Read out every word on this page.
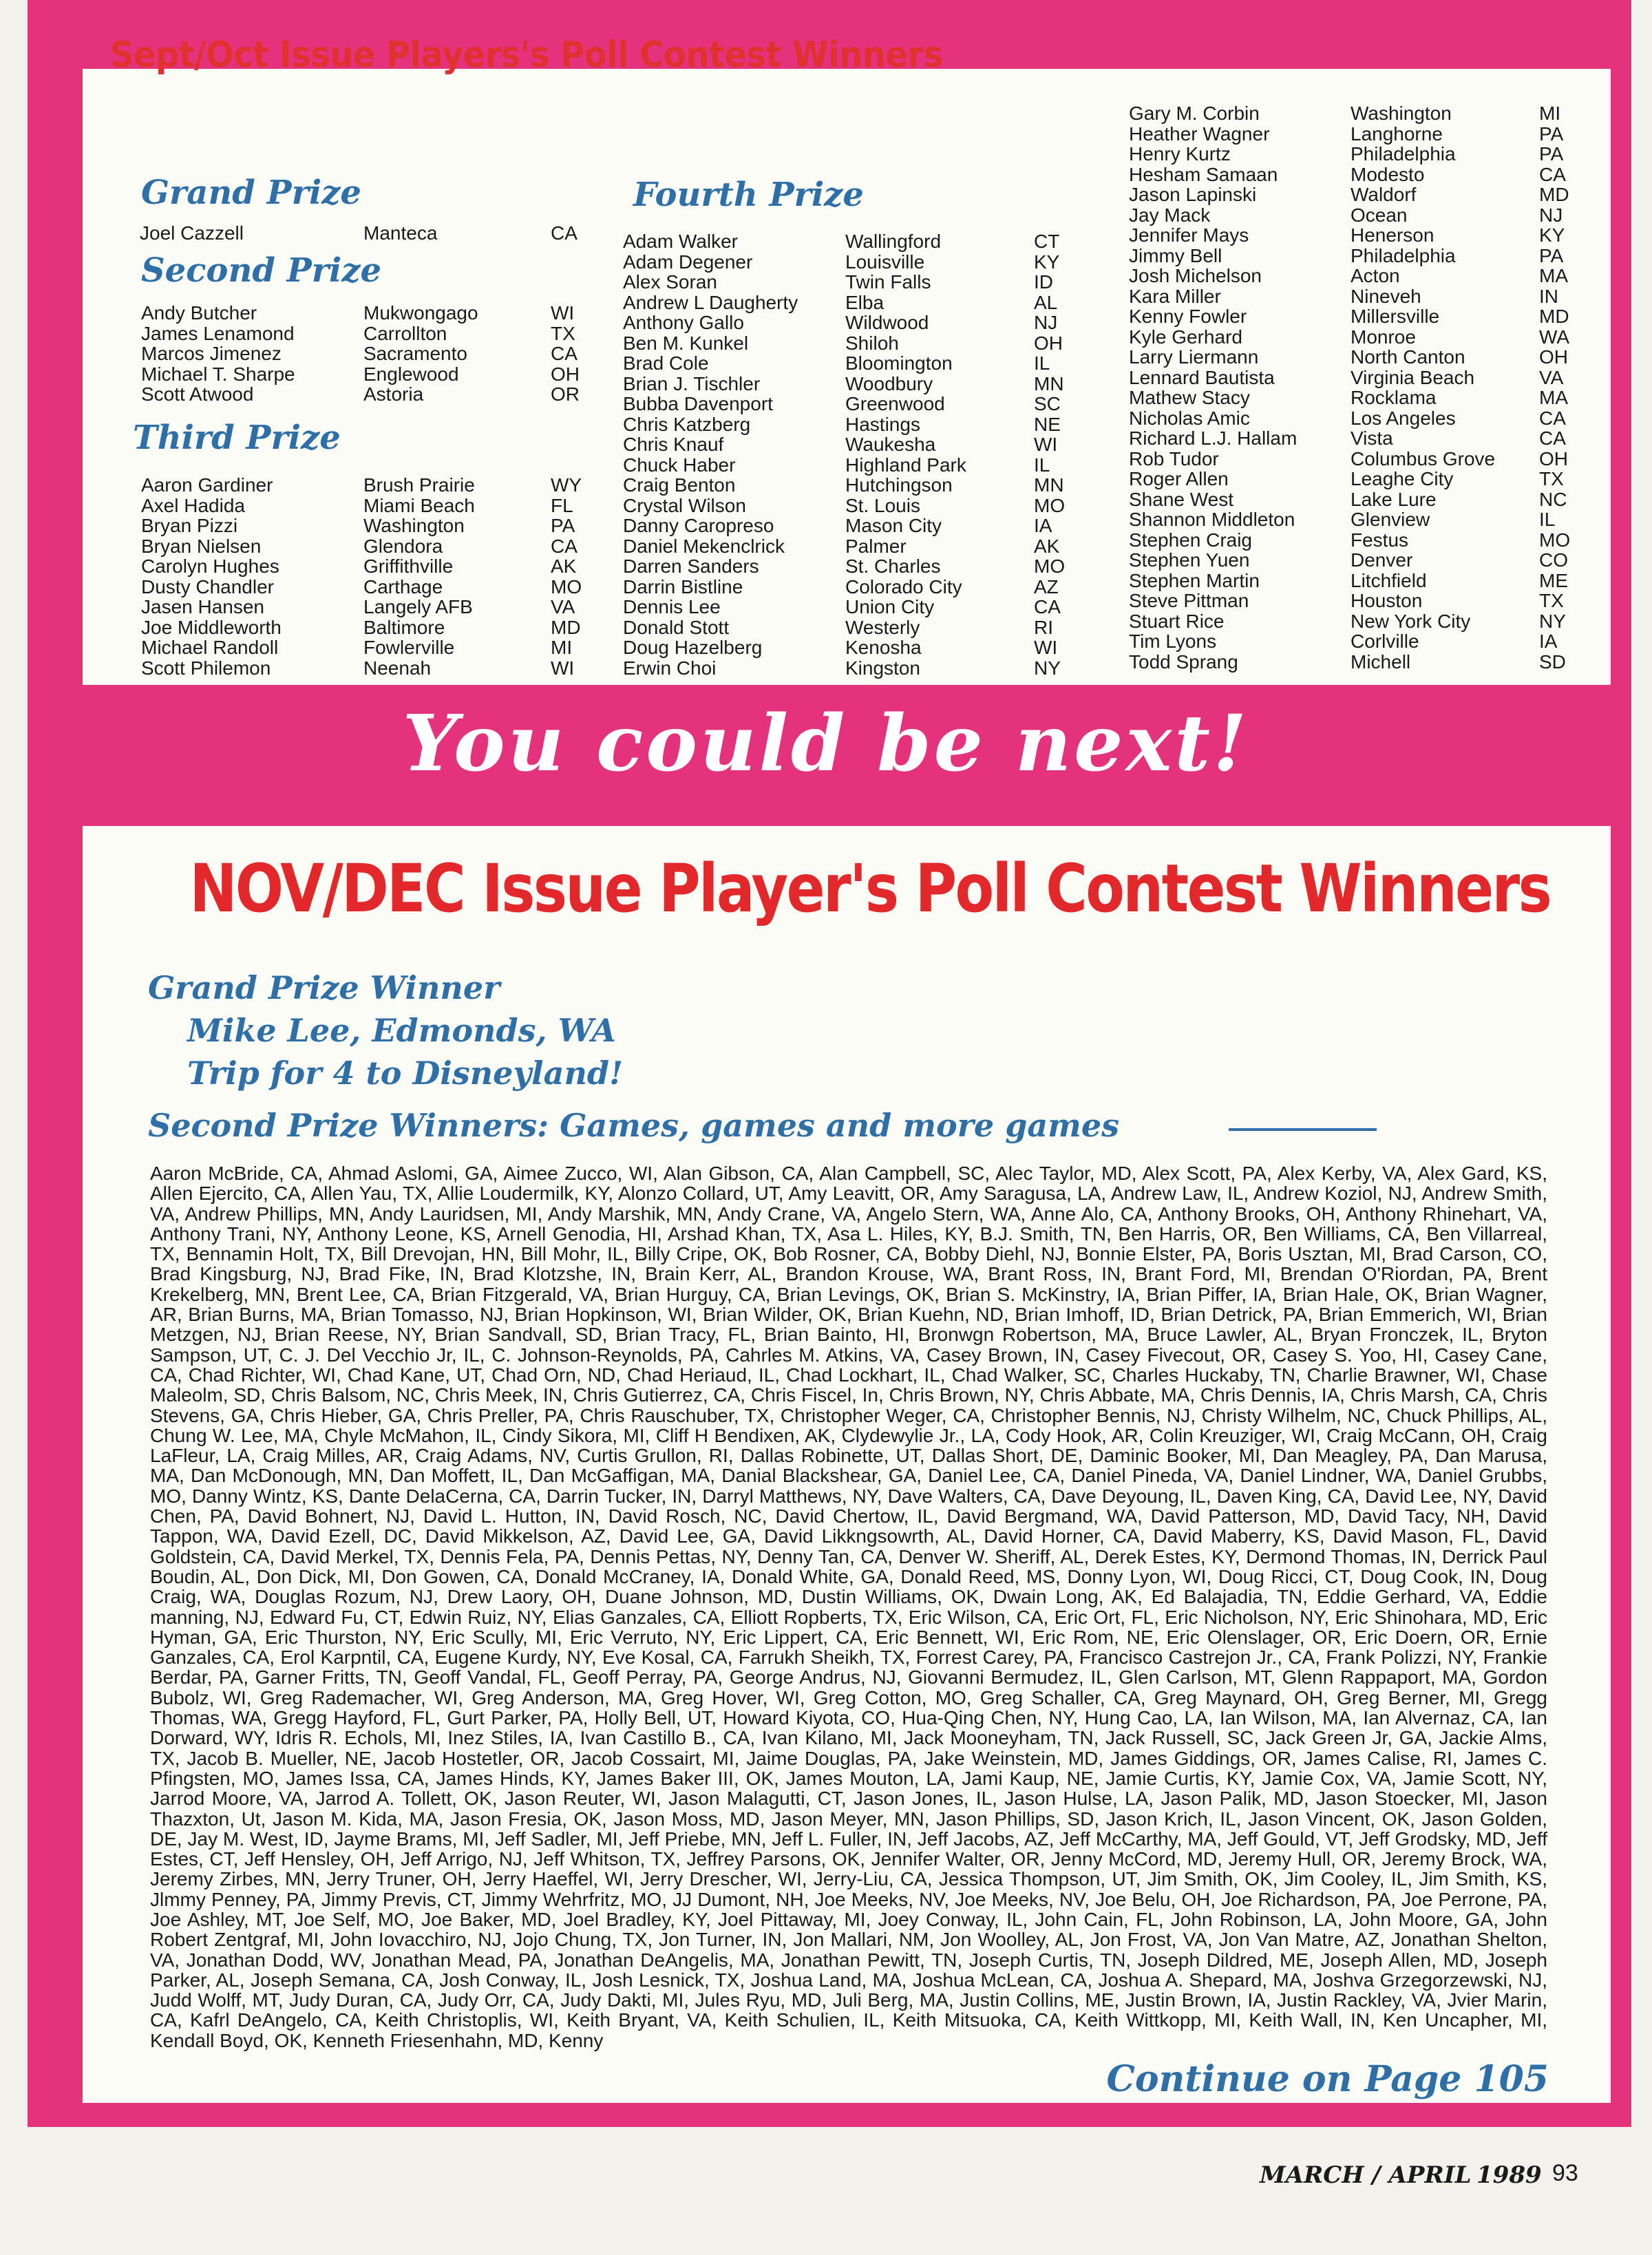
Sept/Oct Issue Players's Poll Contest Winners
Grand Prize
Joel Cazzell	Manteca	CA
Second Prize
Andy Butcher
James Lenamond
Marcos Jimenez
Michael T. Sharpe
Scott Atwood
Mukwongago
Carrollton
Sacramento
Englewood
Astoria
WI
TX
CA
OH
OR
Third Prize
Aaron Gardiner
Axel Hadida
Bryan Pizzi
Bryan Nielsen
Carolyn Hughes
Dusty Chandler
Jasen Hansen
Joe Middleworth
Michael Randoll
Scott Philemon
Brush Prairie
Miami Beach
Washington
Glendora
Griffithville
Carthage
Langely AFB
Baltimore
Fowlerville
Neenah
WY
FL
PA
CA
AK
MO
VA
MD
MI
WI
Fourth Prize
Adam Walker
Adam Degener
Alex Soran
Andrew L Daugherty
Anthony Gallo
Ben M. Kunkel
Brad Cole
Brian J. Tischler
Bubba Davenport
Chris Katzberg
Chris Knauf
Chuck Haber
Craig Benton
Crystal Wilson
Danny Caropreso
Daniel Mekenclrick
Darren Sanders
Darrin Bistline
Dennis Lee
Donald Stott
Doug Hazelberg
Erwin Choi
Wallingford
Louisville
Twin Falls
Elba
Wildwood
Shiloh
Bloomington
Woodbury
Greenwood
Hastings
Waukesha
Highland Park
Hutchingson
St. Louis
Mason City
Palmer
St. Charles
Colorado City
Union City
Westerly
Kenosha
Kingston
CT
KY
ID
AL
NJ
OH
IL
MN
SC
NE
WI
IL
MN
MO
IA
AK
MO
AZ
CA
RI
WI
NY
Gary M. Corbin
Heather Wagner
Henry Kurtz
Hesham Samaan
Jason Lapinski
Jay Mack
Jennifer Mays
Jimmy Bell
Josh Michelson
Kara Miller
Kenny Fowler
Kyle Gerhard
Larry Liermann
Lennard Bautista
Mathew Stacy
Nicholas Amic
Richard L.J. Hallam
Rob Tudor
Roger Allen
Shane West
Shannon Middleton
Stephen Craig
Stephen Yuen
Stephen Martin
Steve Pittman
Stuart Rice
Tim Lyons
Todd Sprang
Washington
Langhorne
Philadelphia
Modesto
Waldorf
Ocean
Henerson
Philadelphia
Acton
Nineveh
Millersville
Monroe
North Canton
Virginia Beach
Rocklama
Los Angeles
Vista
Columbus Grove
Leaghe City
Lake Lure
Glenview
Festus
Denver
Litchfield
Houston
New York City
Corlville
Michell
MI
PA
PA
CA
MD
NJ
KY
PA
MA
IN
MD
WA
OH
VA
MA
CA
CA
OH
TX
NC
IL
MO
CO
ME
TX
NY
IA
SD
You could be next!
NOV/DEC Issue Player's Poll Contest Winners
Grand Prize Winner
Mike Lee, Edmonds, WA
Trip for 4 to Disneyland!
Second Prize Winners: Games, games and more games
Aaron McBride, CA, Ahmad Aslomi, GA, Aimee Zucco, WI, Alan Gibson, CA, Alan Campbell, SC, Alec Taylor, MD, Alex Scott, PA, Alex Kerby, VA, Alex Gard, KS, Allen Ejercito, CA, Allen Yau, TX, Allie Loudermilk, KY, Alonzo Collard, UT, Amy Leavitt, OR, Amy Saragusa, LA, Andrew Law, IL, Andrew Koziol, NJ, Andrew Smith, VA, Andrew Phillips, MN, Andy Lauridsen, MI, Andy Marshik, MN, Andy Crane, VA, Angelo Stern, WA, Anne Alo, CA, Anthony Brooks, OH, Anthony Rhinehart, VA, Anthony Trani, NY, Anthony Leone, KS, Arnell Genodia, HI, Arshad Khan, TX, Asa L. Hiles, KY, B.J. Smith, TN, Ben Harris, OR, Ben Williams, CA, Ben Villarreal, TX, Bennamin Holt, TX, Bill Drevojan, HN, Bill Mohr, IL, Billy Cripe, OK, Bob Rosner, CA, Bobby Diehl, NJ, Bonnie Elster, PA, Boris Usztan, MI, Brad Carson, CO, Brad Kingsburg, NJ, Brad Fike, IN, Brad Klotzshe, IN, Brain Kerr, AL, Brandon Krouse, WA, Brant Ross, IN, Brant Ford, MI, Brendan O'Riordan, PA, Brent Krekelberg, MN, Brent Lee, CA, Brian Fitzgerald, VA, Brian Hurguy, CA, Brian Levings, OK, Brian S. McKinstry, IA, Brian Piffer, IA, Brian Hale, OK, Brian Wagner, AR, Brian Burns, MA, Brian Tomasso, NJ, Brian Hopkinson, WI, Brian Wilder, OK, Brian Kuehn, ND, Brian Imhoff, ID, Brian Detrick, PA, Brian Emmerich, WI, Brian Metzgen, NJ, Brian Reese, NY, Brian Sandvall, SD, Brian Tracy, FL, Brian Bainto, HI, Bronwgn Robertson, MA, Bruce Lawler, AL, Bryan Fronczek, IL, Bryton Sampson, UT, C. J. Del Vecchio Jr, IL, C. Johnson-Reynolds, PA, Cahrles M. Atkins, VA, Casey Brown, IN, Casey Fivecout, OR, Casey S. Yoo, HI, Casey Cane, CA, Chad Richter, WI, Chad Kane, UT, Chad Orn, ND, Chad Heriaud, IL, Chad Lockhart, IL, Chad Walker, SC, Charles Huckaby, TN, Charlie Brawner, WI, Chase Maleolm, SD, Chris Balsom, NC, Chris Meek, IN, Chris Gutierrez, CA, Chris Fiscel, In, Chris Brown, NY, Chris Abbate, MA, Chris Dennis, IA, Chris Marsh, CA, Chris Stevens, GA, Chris Hieber, GA, Chris Preller, PA, Chris Rauschuber, TX, Christopher Weger, CA, Christopher Bennis, NJ, Christy Wilhelm, NC, Chuck Phillips, AL, Chung W. Lee, MA, Chyle McMahon, IL, Cindy Sikora, MI, Cliff H Bendixen, AK, Clydewylie Jr., LA, Cody Hook, AR, Colin Kreuziger, WI, Craig McCann, OH, Craig LaFleur, LA, Craig Milles, AR, Craig Adams, NV, Curtis Grullon, RI, Dallas Robinette, UT, Dallas Short, DE, Daminic Booker, MI, Dan Meagley, PA, Dan Marusa, MA, Dan McDonough, MN, Dan Moffett, IL, Dan McGaffigan, MA, Danial Blackshear, GA, Daniel Lee, CA, Daniel Pineda, VA, Daniel Lindner, WA, Daniel Grubbs, MO, Danny Wintz, KS, Dante DelaCerna, CA, Darrin Tucker, IN, Darryl Matthews, NY, Dave Walters, CA, Dave Deyoung, IL, Daven King, CA, David Lee, NY, David Chen, PA, David Bohnert, NJ, David L. Hutton, IN, David Rosch, NC, David Chertow, IL, David Bergmand, WA, David Patterson, MD, David Tacy, NH, David Tappon, WA, David Ezell, DC, David Mikkelson, AZ, David Lee, GA, David Likkngsowrth, AL, David Horner, CA, David Maberry, KS, David Mason, FL, David Goldstein, CA, David Merkel, TX, Dennis Fela, PA, Dennis Pettas, NY, Denny Tan, CA, Denver W. Sheriff, AL, Derek Estes, KY, Dermond Thomas, IN, Derrick Paul Boudin, AL, Don Dick, MI, Don Gowen, CA, Donald McCraney, IA, Donald White, GA, Donald Reed, MS, Donny Lyon, WI, Doug Ricci, CT, Doug Cook, IN, Doug Craig, WA, Douglas Rozum, NJ, Drew Laory, OH, Duane Johnson, MD, Dustin Williams, OK, Dwain Long, AK, Ed Balajadia, TN, Eddie Gerhard, VA, Eddie manning, NJ, Edward Fu, CT, Edwin Ruiz, NY, Elias Ganzales, CA, Elliott Ropberts, TX, Eric Wilson, CA, Eric Ort, FL, Eric Nicholson, NY, Eric Shinohara, MD, Eric Hyman, GA, Eric Thurston, NY, Eric Scully, MI, Eric Verruto, NY, Eric Lippert, CA, Eric Bennett, WI, Eric Rom, NE, Eric Olenslager, OR, Eric Doern, OR, Ernie Ganzales, CA, Erol Karpntil, CA, Eugene Kurdy, NY, Eve Kosal, CA, Farrukh Sheikh, TX, Forrest Carey, PA, Francisco Castrejon Jr., CA, Frank Polizzi, NY, Frankie Berdar, PA, Garner Fritts, TN, Geoff Vandal, FL, Geoff Perray, PA, George Andrus, NJ, Giovanni Bermudez, IL, Glen Carlson, MT, Glenn Rappaport, MA, Gordon Bubolz, WI, Greg Rademacher, WI, Greg Anderson, MA, Greg Hover, WI, Greg Cotton, MO, Greg Schaller, CA, Greg Maynard, OH, Greg Berner, MI, Gregg Thomas, WA, Gregg Hayford, FL, Gurt Parker, PA, Holly Bell, UT, Howard Kiyota, CO, Hua-Qing Chen, NY, Hung Cao, LA, Ian Wilson, MA, Ian Alvernaz, CA, Ian Dorward, WY, Idris R. Echols, MI, Inez Stiles, IA, Ivan Castillo B., CA, Ivan Kilano, MI, Jack Mooneyham, TN, Jack Russell, SC, Jack Green Jr, GA, Jackie Alms, TX, Jacob B. Mueller, NE, Jacob Hostetler, OR, Jacob Cossairt, MI, Jaime Douglas, PA, Jake Weinstein, MD, James Giddings, OR, James Calise, RI, James C. Pfingsten, MO, James Issa, CA, James Hinds, KY, James Baker III, OK, James Mouton, LA, Jami Kaup, NE, Jamie Curtis, KY, Jamie Cox, VA, Jamie Scott, NY, Jarrod Moore, VA, Jarrod A. Tollett, OK, Jason Reuter, WI, Jason Malagutti, CT, Jason Jones, IL, Jason Hulse, LA, Jason Palik, MD, Jason Stoecker, MI, Jason Thazxton, Ut, Jason M. Kida, MA, Jason Fresia, OK, Jason Moss, MD, Jason Meyer, MN, Jason Phillips, SD, Jason Krich, IL, Jason Vincent, OK, Jason Golden, DE, Jay M. West, ID, Jayme Brams, MI, Jeff Sadler, MI, Jeff Priebe, MN, Jeff L. Fuller, IN, Jeff Jacobs, AZ, Jeff McCarthy, MA, Jeff Gould, VT, Jeff Grodsky, MD, Jeff Estes, CT, Jeff Hensley, OH, Jeff Arrigo, NJ, Jeff Whitson, TX, Jeffrey Parsons, OK, Jennifer Walter, OR, Jenny McCord, MD, Jeremy Hull, OR, Jeremy Brock, WA, Jeremy Zirbes, MN, Jerry Truner, OH, Jerry Haeffel, WI, Jerry Drescher, WI, Jerry-Liu, CA, Jessica Thompson, UT, Jim Smith, OK, Jim Cooley, IL, Jim Smith, KS, Jlmmy Penney, PA, Jimmy Previs, CT, Jimmy Wehrfritz, MO, JJ Dumont, NH, Joe Meeks, NV, Joe Meeks, NV, Joe Belu, OH, Joe Richardson, PA, Joe Perrone, PA, Joe Ashley, MT, Joe Self, MO, Joe Baker, MD, Joel Bradley, KY, Joel Pittaway, MI, Joey Conway, IL, John Cain, FL, John Robinson, LA, John Moore, GA, John Robert Zentgraf, MI, John Iovacchiro, NJ, Jojo Chung, TX, Jon Turner, IN, Jon Mallari, NM, Jon Woolley, AL, Jon Frost, VA, Jon Van Matre, AZ, Jonathan Shelton, VA, Jonathan Dodd, WV, Jonathan Mead, PA, Jonathan DeAngelis, MA, Jonathan Pewitt, TN, Joseph Curtis, TN, Joseph Dildred, ME, Joseph Allen, MD, Joseph Parker, AL, Joseph Semana, CA, Josh Conway, IL, Josh Lesnick, TX, Joshua Land, MA, Joshua McLean, CA, Joshua A. Shepard, MA, Joshva Grzegorzewski, NJ, Judd Wolff, MT, Judy Duran, CA, Judy Orr, CA, Judy Dakti, MI, Jules Ryu, MD, Juli Berg, MA, Justin Collins, ME, Justin Brown, IA, Justin Rackley, VA, Jvier Marin, CA, Kafrl DeAngelo, CA, Keith Christoplis, WI, Keith Bryant, VA, Keith Schulien, IL, Keith Mitsuoka, CA, Keith Wittkopp, MI, Keith Wall, IN, Ken Uncapher, MI, Kendall Boyd, OK, Kenneth Friesenhahn, MD, Kenny
Continue on Page 105
MARCH / APRIL 1989 93
